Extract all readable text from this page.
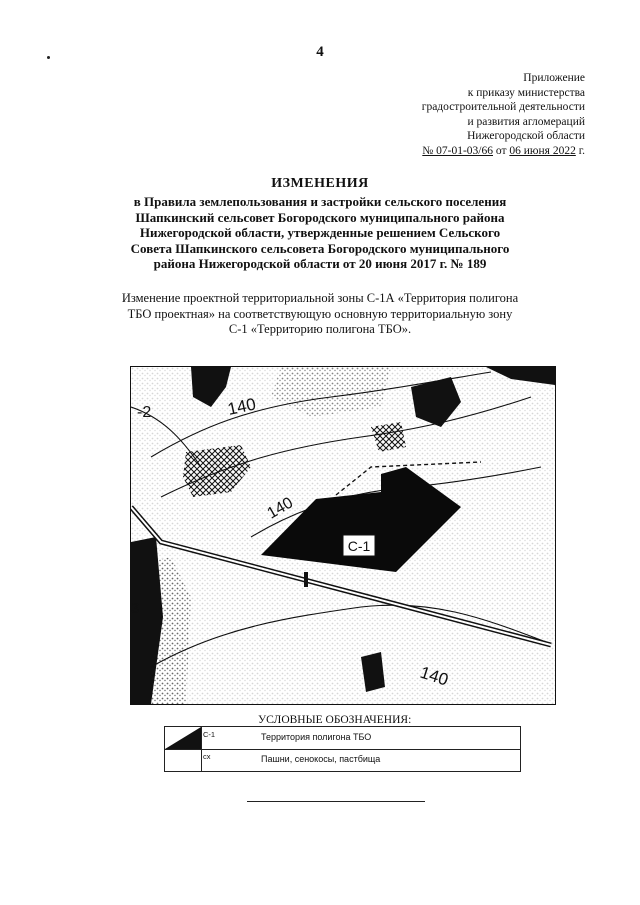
4
Приложение
к приказу министерства
градостроительной деятельности
и развития агломераций
Нижегородской области
№ 07-01-03/66 от 06 июня 2022 г.
ИЗМЕНЕНИЯ
в Правила землепользования и застройки сельского поселения
Шапкинский сельсовет Богородского муниципального района
Нижегородской области, утвержденные решением Сельского
Совета Шапкинского сельсовета Богородского муниципального
района Нижегородской области от 20 июня 2017 г. № 189
Изменение проектной территориальной зоны С-1А «Территория полигона
ТБО проектная» на соответствующую основную территориальную зону
С-1 «Территорию полигона ТБО».
С-1
140
140
140
-2
3
УСЛОВНЫЕ ОБОЗНАЧЕНИЯ:
С-1	Территория полигона ТБО
сх	Пашни, сенокосы, пастбища
